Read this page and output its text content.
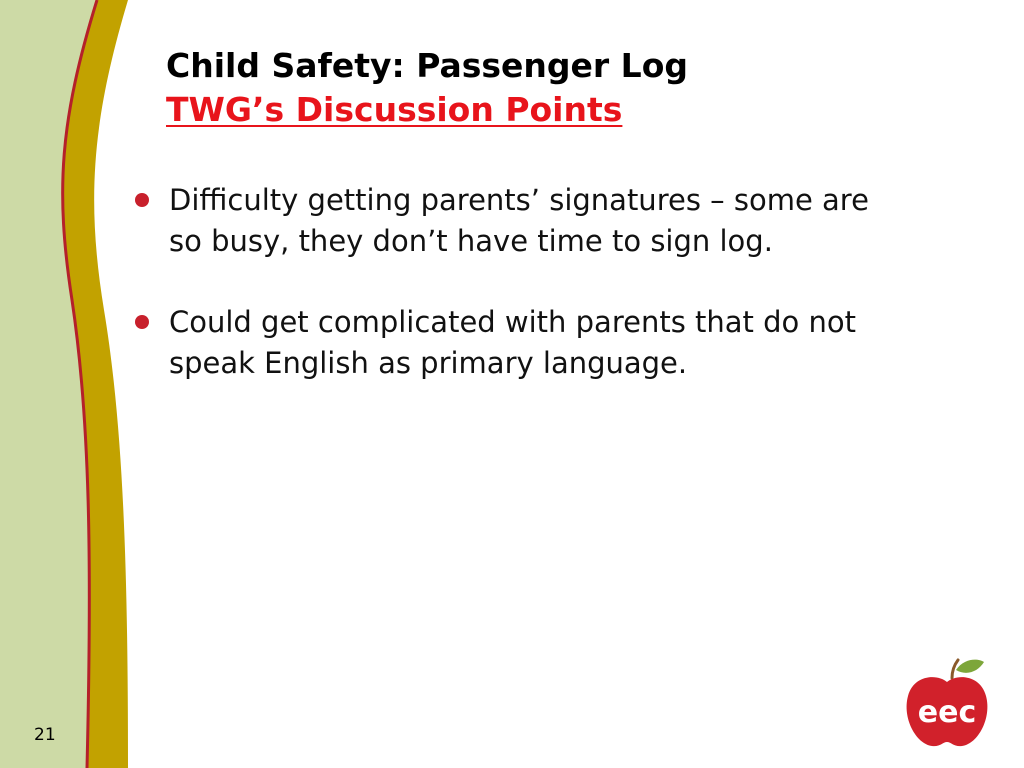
Child Safety: Passenger Log
TWG’s Discussion Points
Difficulty getting parents’ signatures – some are so busy, they don’t have time to sign log.
Could get complicated with parents that do not speak English as primary language.
21
eec
